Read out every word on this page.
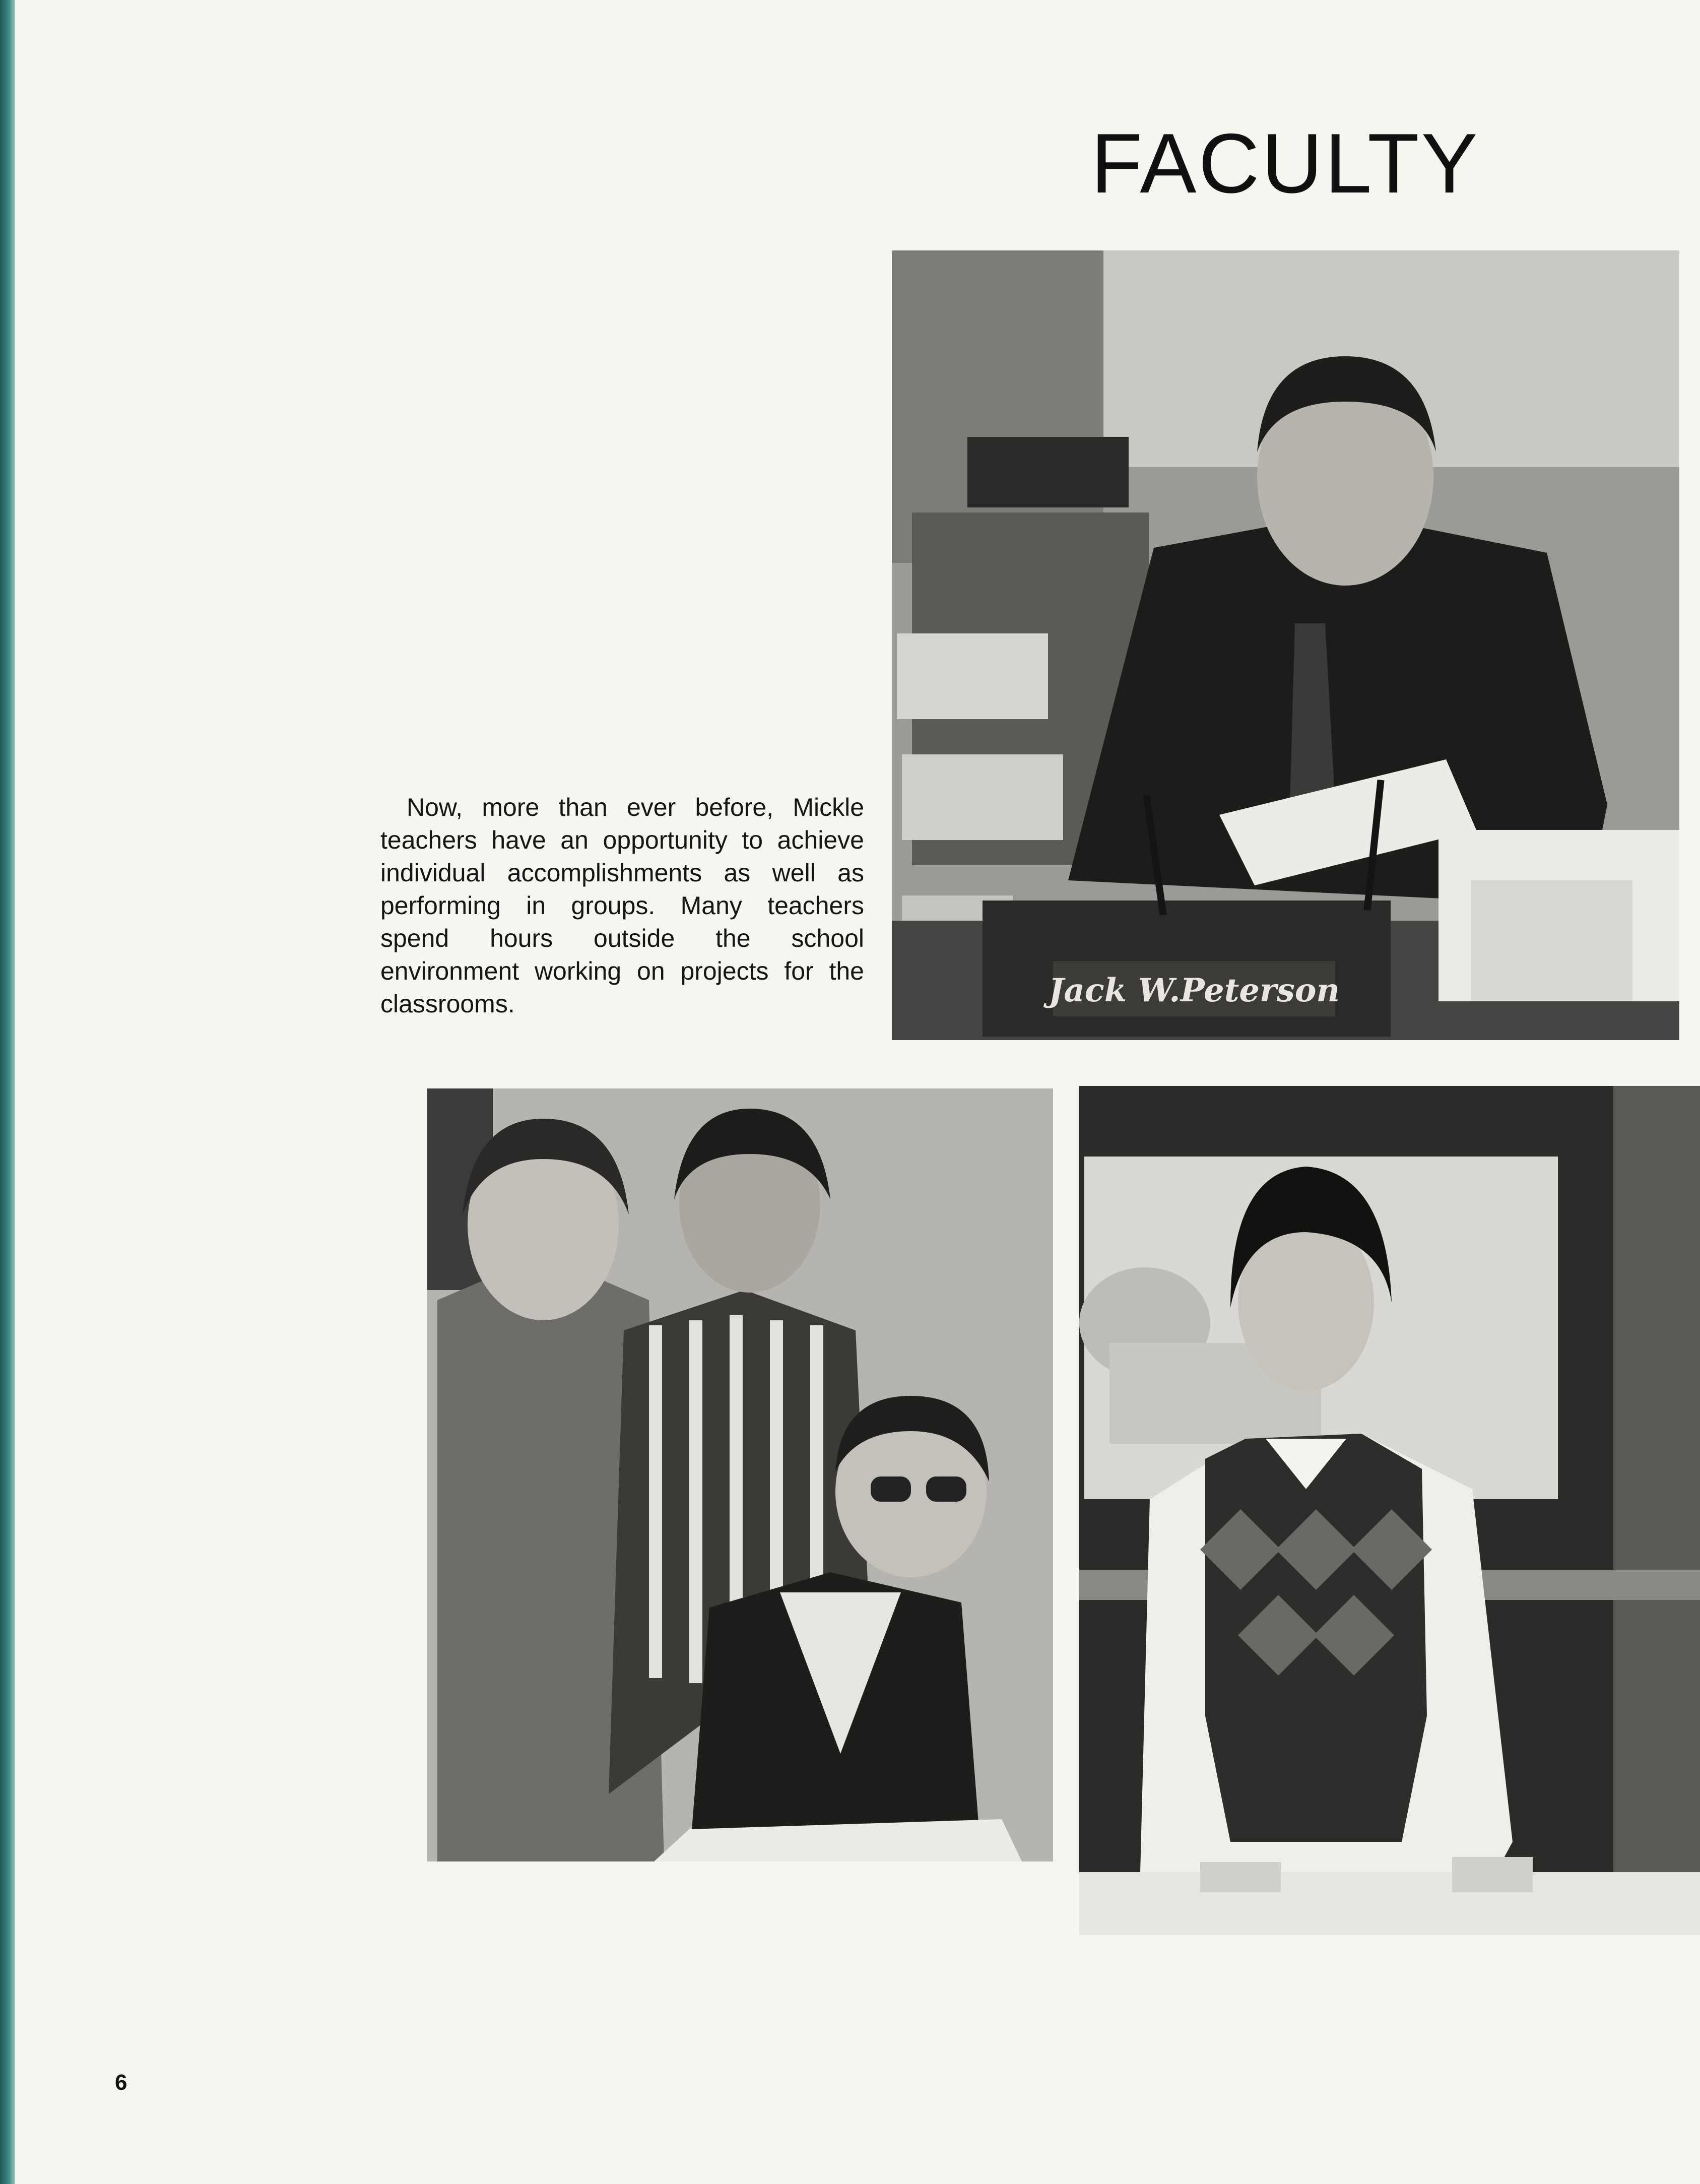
FACULTY
Jack W.Peterson
Now, more than ever before, Mickle teachers have an opportunity to achieve individual accomplishments as well as performing in groups. Many teachers spend hours outside the school environment working on projects for the classrooms.
6
